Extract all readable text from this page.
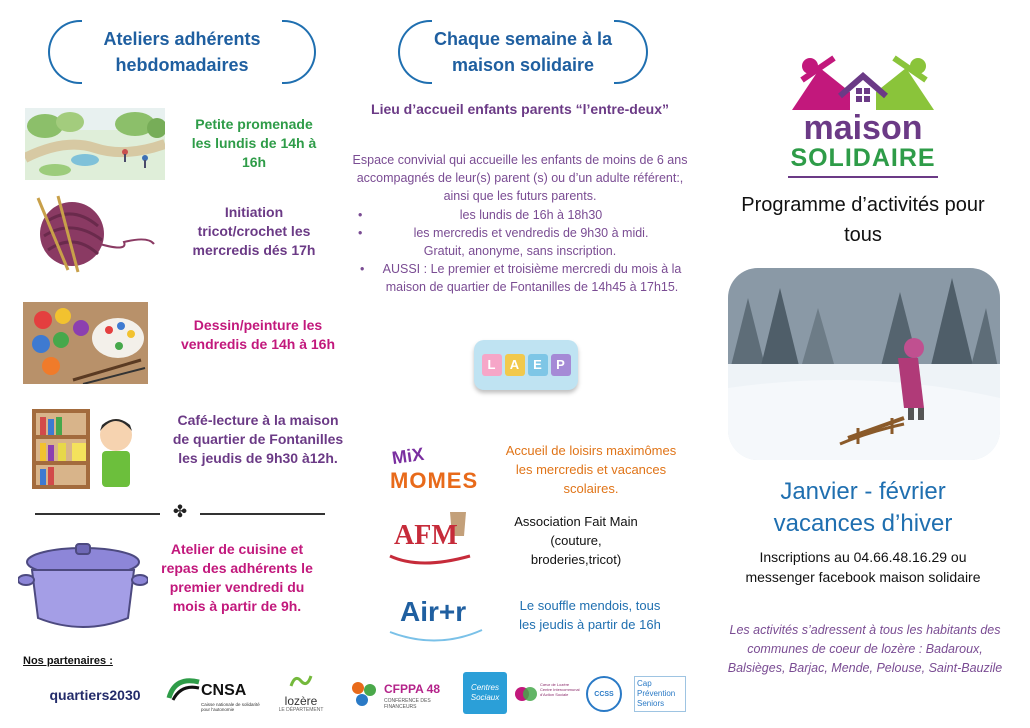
Ateliers adhérents hebdomadaires
Petite promenade les lundis de 14h à 16h
Initiation tricot/crochet les mercredis dés 17h
Dessin/peinture les vendredis de 14h à 16h
Café-lecture à la maison de quartier de Fontanilles les jeudis de 9h30 à12h.
✤
Atelier de cuisine et repas des adhérents le premier vendredi du mois à partir de 9h.
Nos partenaires :
quartiers2030	CNSA
Caisse nationale de solidarité pour l'autonomie
lozère
LE DÉPARTEMENT
Chaque semaine à la maison solidaire
Lieu d’accueil enfants parents “l’entre-deux”
Espace convivial qui accueille les enfants de moins de 6 ans accompagnés de leur(s) parent (s) ou d’un adulte référent:, ainsi que les futurs parents.
• les lundis de 16h à 18h30
• les mercredis et vendredis de 9h30 à midi.
Gratuit, anonyme, sans inscription.
• AUSSI : Le premier et troisième mercredi du mois à la maison de quartier de Fontanilles de 14h45 à 17h15.
L	A	E	P
MiX
MOMES
Accueil de loisirs maximômes les mercredis et vacances scolaires.
AFM	Association Fait Main (couture, broderies,tricot)
Air+r	Le souffle mendois, tous les jeudis à partir de 16h
CFPPA 48
CONFÉRENCE DES FINANCEURS
Centres Sociaux
Cœur de Lozère Centre Intercommunal d'Action Sociale	CCSS
Cap Prévention Seniors
maison
SOLIDAIRE
Programme d’activités pour tous
Janvier - février
vacances d’hiver
Inscriptions au 04.66.48.16.29 ou messenger facebook maison solidaire
Les activités s’adressent à tous les habitants des communes de coeur de lozère : Badaroux, Balsièges, Barjac, Mende, Pelouse, Saint-Bauzile
